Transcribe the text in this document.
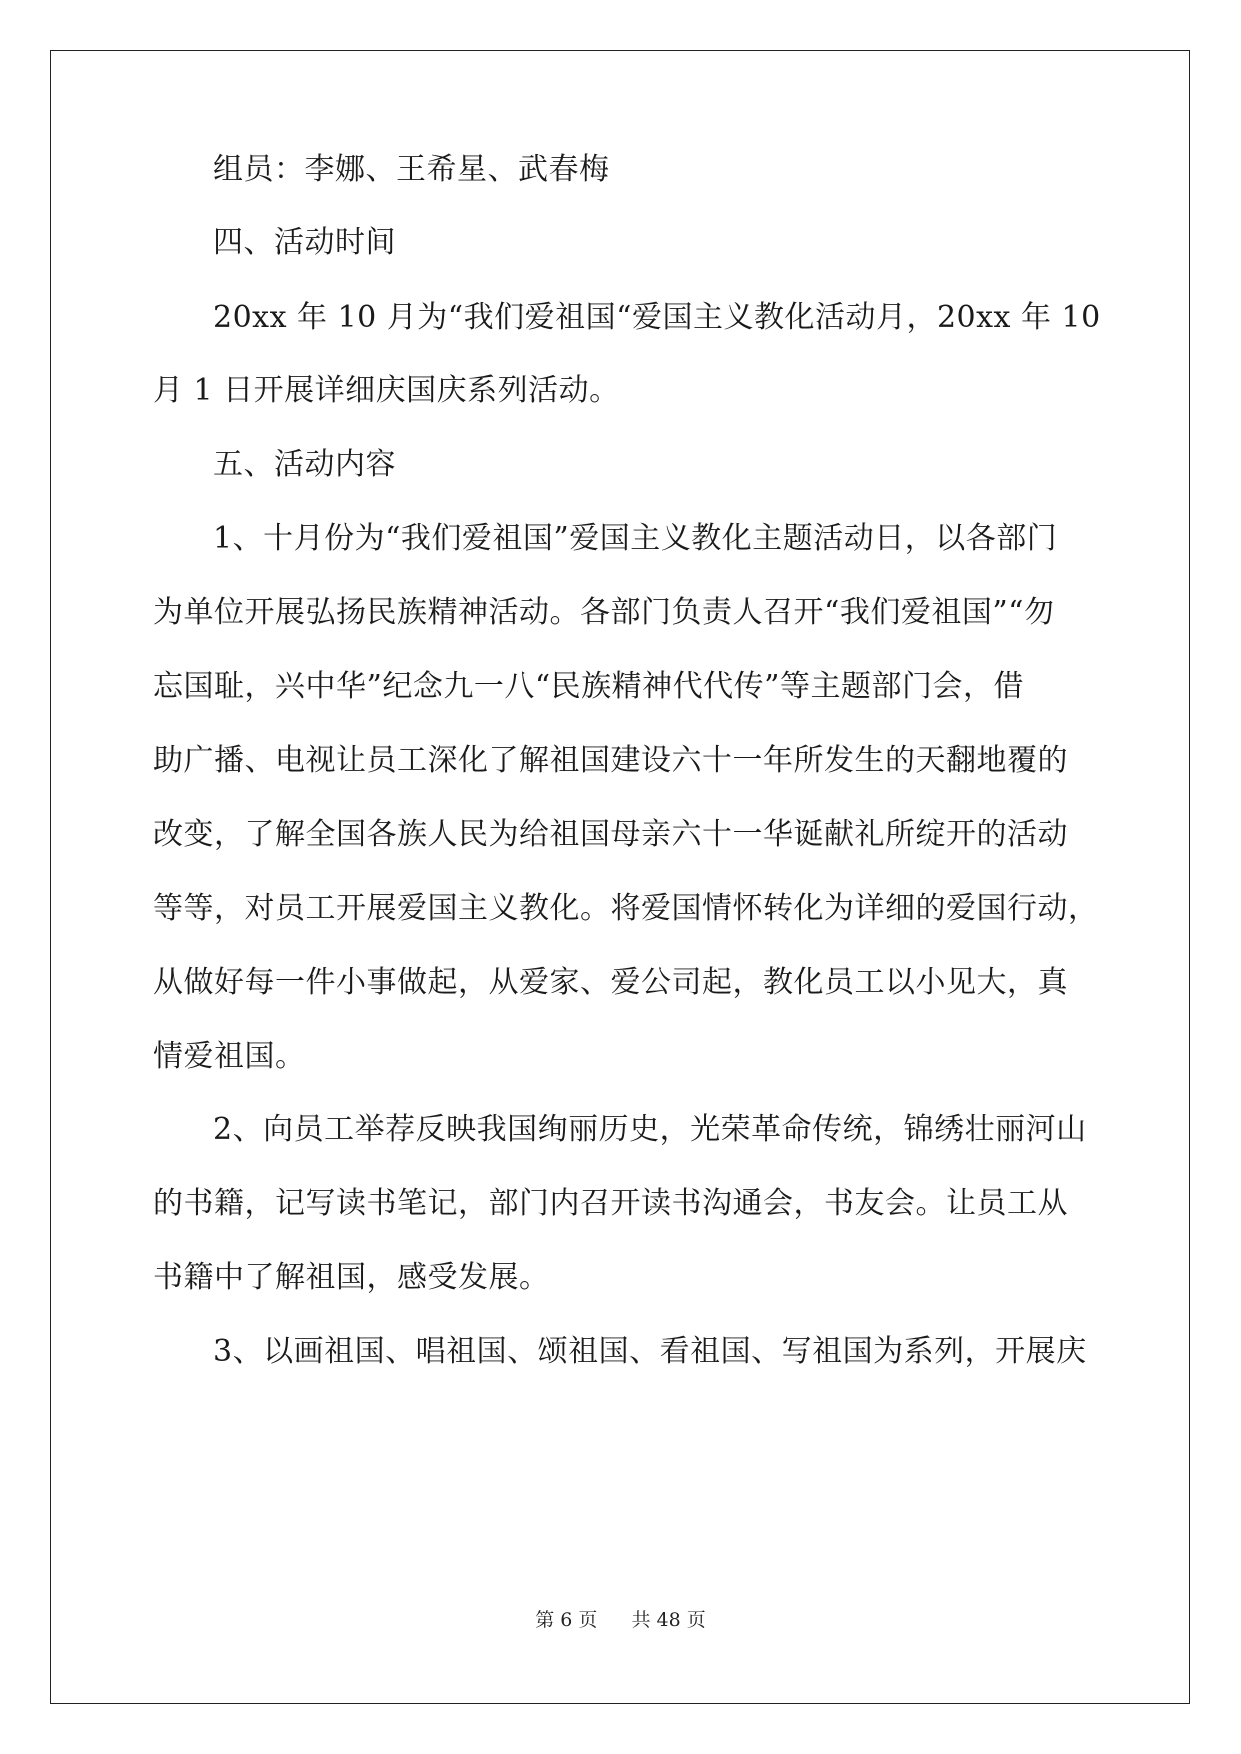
组员：李娜、王希星、武春梅
四、活动时间
20xx 年 10 月为“我们爱祖国“爱国主义教化活动月，20xx 年 10
月 1 日开展详细庆国庆系列活动。
五、活动内容
1、十月份为“我们爱祖国”爱国主义教化主题活动日，以各部门
为单位开展弘扬民族精神活动。各部门负责人召开“我们爱祖国”“勿
忘国耻，兴中华”纪念九一八“民族精神代代传”等主题部门会，借
助广播、电视让员工深化了解祖国建设六十一年所发生的天翻地覆的
改变，了解全国各族人民为给祖国母亲六十一华诞献礼所绽开的活动
等等，对员工开展爱国主义教化。将爱国情怀转化为详细的爱国行动，
从做好每一件小事做起，从爱家、爱公司起，教化员工以小见大，真
情爱祖国。
2、向员工举荐反映我国绚丽历史，光荣革命传统，锦绣壮丽河山
的书籍，记写读书笔记，部门内召开读书沟通会，书友会。让员工从
书籍中了解祖国，感受发展。
3、以画祖国、唱祖国、颂祖国、看祖国、写祖国为系列，开展庆
第 6 页 共 48 页
